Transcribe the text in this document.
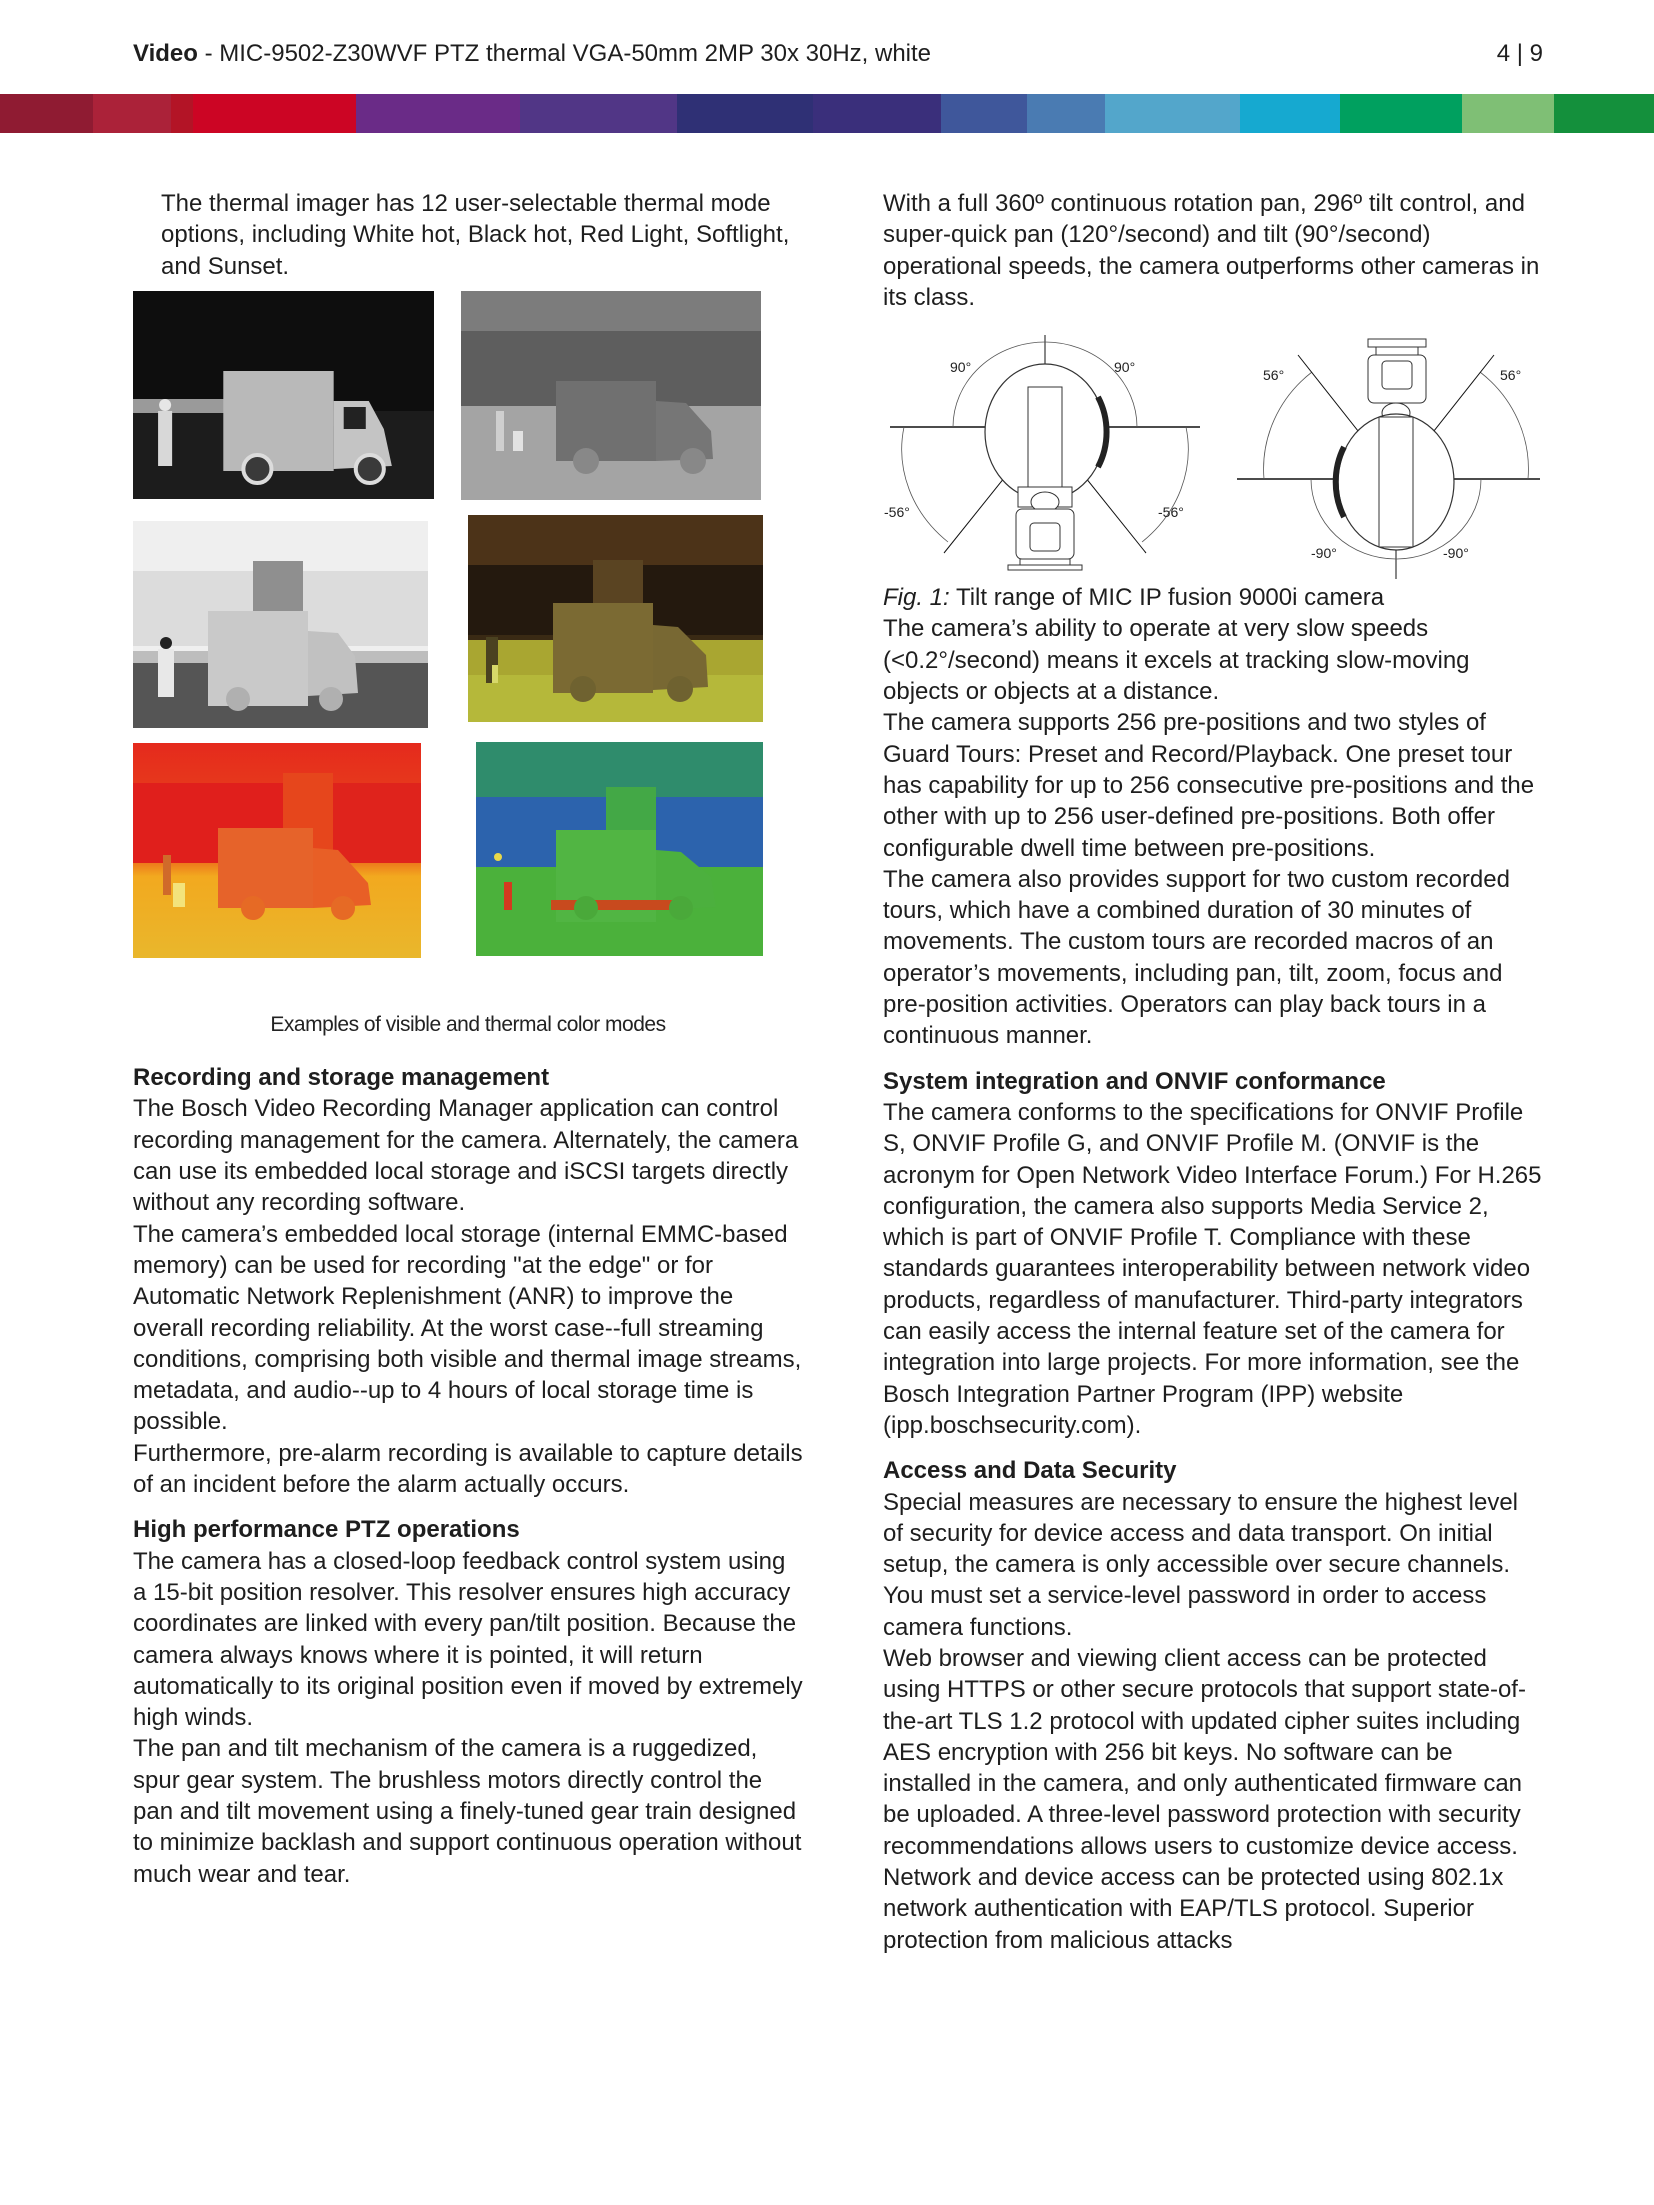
Video - MIC-9502-Z30WVF PTZ thermal VGA-50mm 2MP 30x 30Hz, white	4 | 9

The thermal imager has 12 user-selectable thermal mode options, including White hot, Black hot, Red Light, Softlight, and Sunset.

Examples of visible and thermal color modes

Recording and storage management

The Bosch Video Recording Manager application can control recording management for the camera. Alternately, the camera can use its embedded local storage and iSCSI targets directly without any recording software.

The camera’s embedded local storage (internal EMMC-based memory) can be used for recording "at the edge" or for Automatic Network Replenishment (ANR) to improve the overall recording reliability. At the worst case--full streaming conditions, comprising both visible and thermal image streams, metadata, and audio--up to 4 hours of local storage time is possible.

Furthermore, pre-alarm recording is available to capture details of an incident before the alarm actually occurs.

High performance PTZ operations

The camera has a closed-loop feedback control system using a 15-bit position resolver. This resolver ensures high accuracy coordinates are linked with every pan/tilt position. Because the camera always knows where it is pointed, it will return automatically to its original position even if moved by extremely high winds.

The pan and tilt mechanism of the camera is a ruggedized, spur gear system. The brushless motors directly control the pan and tilt movement using a finely-tuned gear train designed to minimize backlash and support continuous operation without much wear and tear.

With a full 360º continuous rotation pan, 296º tilt control, and super-quick pan (120°/second) and tilt (90°/second) operational speeds, the camera outperforms other cameras in its class.

90°	90°
-56°	-56°
56°	56°
-90°	-90°

Fig. 1: Tilt range of MIC IP fusion 9000i camera

The camera’s ability to operate at very slow speeds (<0.2°/second) means it excels at tracking slow-moving objects or objects at a distance.

The camera supports 256 pre-positions and two styles of Guard Tours: Preset and Record/Playback. One preset tour has capability for up to 256 consecutive pre-positions and the other with up to 256 user-defined pre-positions. Both offer configurable dwell time between pre-positions.

The camera also provides support for two custom recorded tours, which have a combined duration of 30 minutes of movements. The custom tours are recorded macros of an operator’s movements, including pan, tilt, zoom, focus and pre-position activities. Operators can play back tours in a continuous manner.

System integration and ONVIF conformance

The camera conforms to the specifications for ONVIF Profile S, ONVIF Profile G, and ONVIF Profile M. (ONVIF is the acronym for Open Network Video Interface Forum.) For H.265 configuration, the camera also supports Media Service 2, which is part of ONVIF Profile T. Compliance with these standards guarantees interoperability between network video products, regardless of manufacturer. Third-party integrators can easily access the internal feature set of the camera for integration into large projects. For more information, see the Bosch Integration Partner Program (IPP) website (ipp.boschsecurity.com).

Access and Data Security

Special measures are necessary to ensure the highest level of security for device access and data transport. On initial setup, the camera is only accessible over secure channels. You must set a service-level password in order to access camera functions.

Web browser and viewing client access can be protected using HTTPS or other secure protocols that support state-of-the-art TLS 1.2 protocol with updated cipher suites including AES encryption with 256 bit keys. No software can be installed in the camera, and only authenticated firmware can be uploaded. A three-level password protection with security recommendations allows users to customize device access. Network and device access can be protected using 802.1x network authentication with EAP/TLS protocol. Superior protection from malicious attacks
